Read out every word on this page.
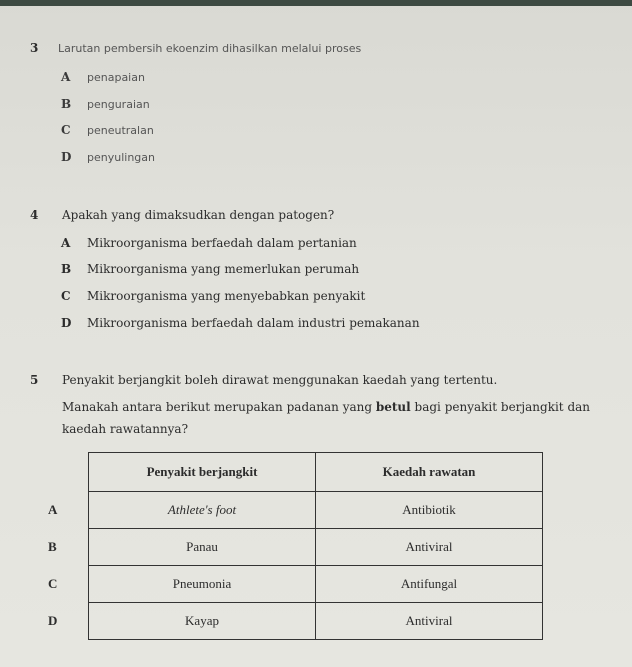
3 Larutan pembersih ekoenzim dihasilkan melalui proses
A penapaian
B penguraian
C peneutralan
D penyulingan
4 Apakah yang dimaksudkan dengan patogen?
A Mikroorganisma berfaedah dalam pertanian
B Mikroorganisma yang memerlukan perumah
C Mikroorganisma yang menyebabkan penyakit
D Mikroorganisma berfaedah dalam industri pemakanan
5 Penyakit berjangkit boleh dirawat menggunakan kaedah yang tertentu.
Manakah antara berikut merupakan padanan yang betul bagi penyakit berjangkit dan
kaedah rawatannya?
	Penyakit berjangkit	Kaedah rawatan
A	Athlete's foot	Antibiotik
B	Panau	Antiviral
C	Pneumonia	Antifungal
D	Kayap	Antiviral
